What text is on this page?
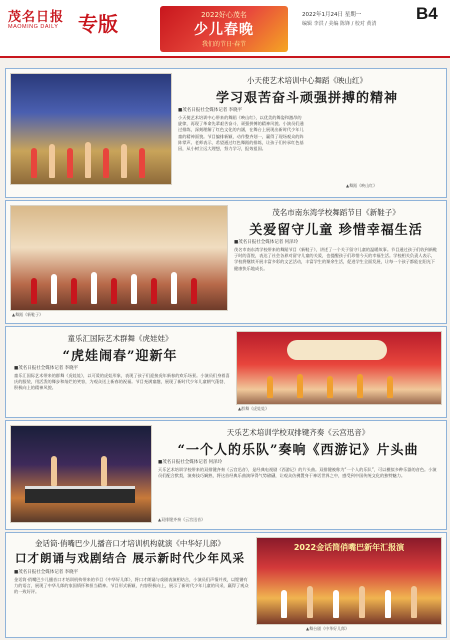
茂名日报
MAOMING DAILY 专版	2022好心茂名
少儿春晚
我们的节日·春节
2022年1月24日 星期一
编辑 李洪 / 美编 陈锋 / 校对 黄清
B4
小天使艺术培训中心舞蹈《映山红》
学习艰苦奋斗顽强拼搏的精神
■茂名日报社全媒体记者 李晓平
小天使艺术培训中心带来的舞蹈《映山红》，以优美的舞姿和激昂的旋律，再现了革命先辈艰苦奋斗、顽强拼搏的精神风貌。小演员们通过排练，深刻理解了红色文化的内涵，在舞台上展现出新时代少年儿童的精神面貌。节目编排新颖，动作整齐划一，赢得了现场观众的阵阵掌声。老师表示，希望通过红色舞蹈的排练，让孩子们传承红色基因，从小树立远大理想，努力学习，报效祖国。
▲舞蹈《映山红》
▲舞蹈《新鞋子》
茂名市南东湾学校舞蹈节目《新鞋子》
关爱留守儿童 珍惜幸福生活
■茂名日报社全媒体记者 何泽玲
茂名市南东湾学校带来的舞蹈节目《新鞋子》，讲述了一个关于留守儿童的温暖故事。节目通过孩子们收到新鞋子时的喜悦，表达了社会各界对留守儿童的关爱，也提醒孩子们珍惜今天的幸福生活。学校相关负责人表示，学校将继续开展丰富多彩的文艺活动，丰富学生的课余生活，促进学生全面发展，让每一个孩子都能在阳光下健康快乐地成长。
童乐汇国际艺术群舞《虎娃娃》
“虎娃闹春”迎新年
■茂名日报社全媒体记者 李晓平
童乐汇国际艺术带来的群舞《虎娃娃》，以可爱的虎娃形象，表现了孩子们迎接虎年新春的欢乐场景。小演员们身着喜庆的服装，用活泼的舞步和灿烂的笑容，为观众送上新春的祝福。节目充满童趣，展现了新时代少年儿童朝气蓬勃、积极向上的精神风貌。
▲群舞《虎娃娃》
天乐艺术培训学校双排键齐奏《云宫迅音》
“一个人的乐队”奏响《西游记》片头曲
■茂名日报社全媒体记者 何泽玲
天乐艺术培训学校带来的双排键齐奏《云宫迅音》，是经典电视剧《西游记》的片头曲。双排键被称为“一个人的乐队”，可以模拟多种乐器的音色。小演员们配合默契，演奏技巧娴熟，将这首经典乐曲演绎得气势磅礴，让观众仿佛置身于神话世界之中，感受到中国传统文化的独特魅力。
▲双排键齐奏《云宫迅音》
金话筒·俏嘴巴少儿播音口才培训机构就演《中华好儿郎》
口才朗诵与戏剧结合 展示新时代少年风采
■茂名日报社全媒体记者 李晓平
金话筒·俏嘴巴少儿播音口才培训机构带来的节目《中华好儿郎》，将口才朗诵与戏剧表演相结合，小演员们声情并茂，以铿锵有力的语言，展现了中华儿郎的家国情怀和担当精神。节目形式新颖，内容积极向上，展示了新时代少年儿童的风采，赢得了观众的一致好评。
2022金话筒俏嘴巴新年汇报演
▲舞台剧《中华好儿郎》
